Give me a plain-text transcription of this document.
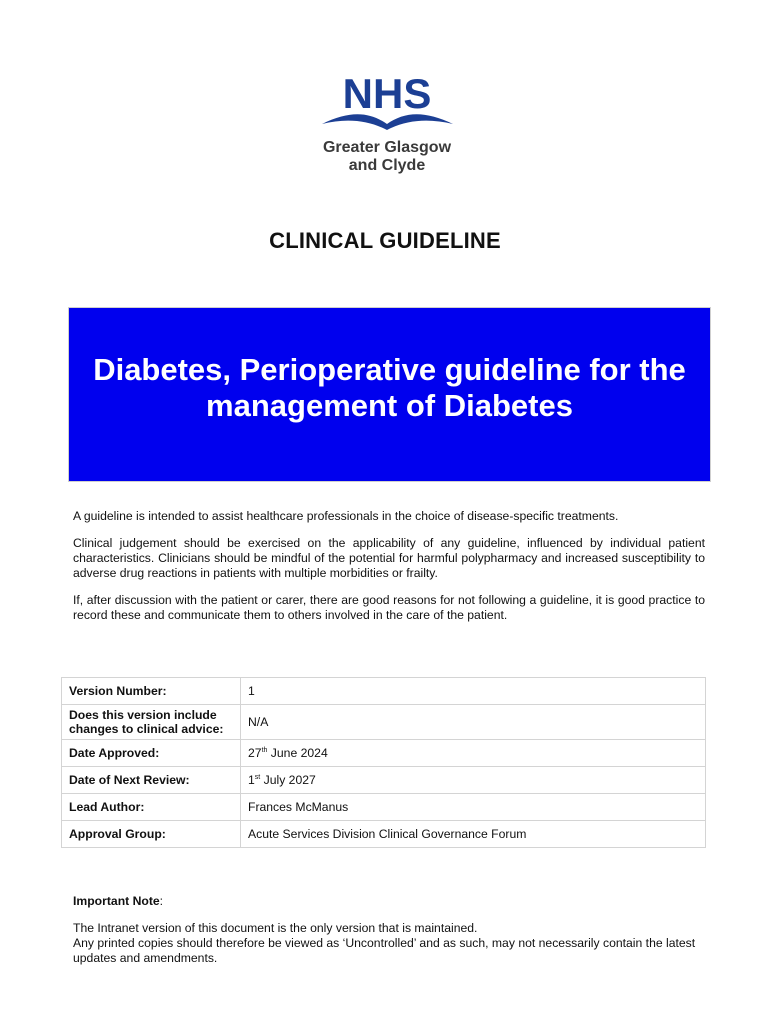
NHS
Greater Glasgow
and Clyde
CLINICAL GUIDELINE
Diabetes, Perioperative guideline for the management of Diabetes

A guideline is intended to assist healthcare professionals in the choice of disease-specific treatments.

Clinical judgement should be exercised on the applicability of any guideline, influenced by individual patient characteristics. Clinicians should be mindful of the potential for harmful polypharmacy and increased susceptibility to adverse drug reactions in patients with multiple morbidities or frailty.

If, after discussion with the patient or carer, there are good reasons for not following a guideline, it is good practice to record these and communicate them to others involved in the care of the patient.

Version Number:	1
Does this version include changes to clinical advice:	N/A
Date Approved:	27th June 2024
Date of Next Review:	1st July 2027
Lead Author:	Frances McManus
Approval Group:	Acute Services Division Clinical Governance Forum
Important Note:

The Intranet version of this document is the only version that is maintained.

Any printed copies should therefore be viewed as ‘Uncontrolled’ and as such, may not necessarily contain the latest updates and amendments.
